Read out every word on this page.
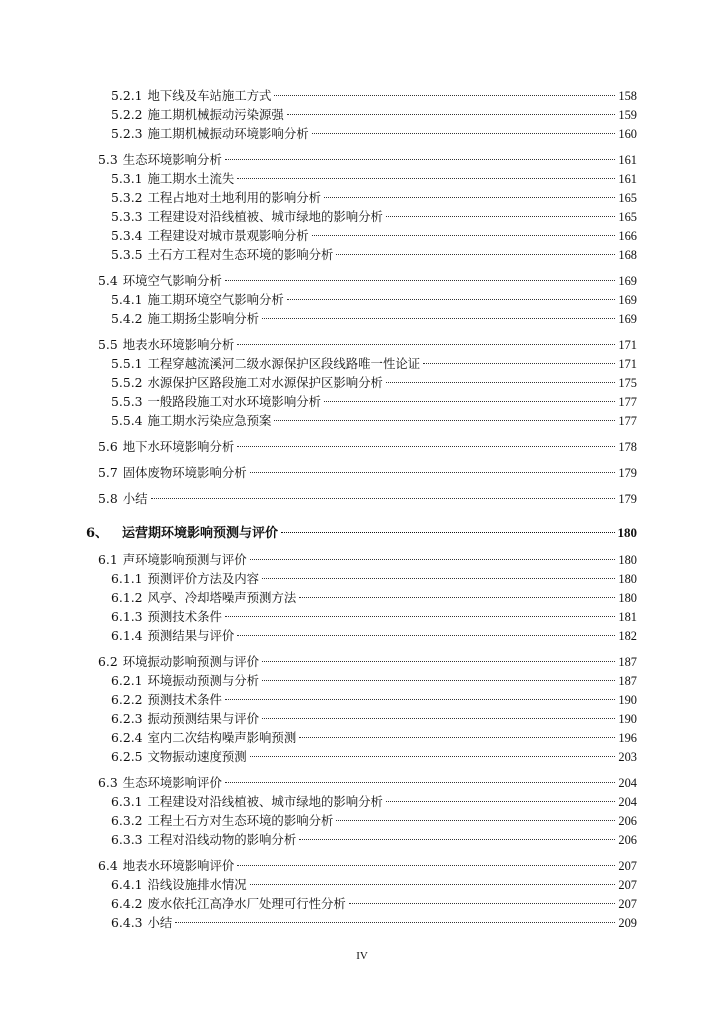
5.2.1 地下线及车站施工方式	158
5.2.2 施工期机械振动污染源强	159
5.2.3 施工期机械振动环境影响分析	160
5.3 生态环境影响分析	161
5.3.1 施工期水土流失	161
5.3.2 工程占地对土地利用的影响分析	165
5.3.3 工程建设对沿线植被、城市绿地的影响分析	165
5.3.4 工程建设对城市景观影响分析	166
5.3.5 土石方工程对生态环境的影响分析	168
5.4 环境空气影响分析	169
5.4.1 施工期环境空气影响分析	169
5.4.2 施工期扬尘影响分析	169
5.5 地表水环境影响分析	171
5.5.1 工程穿越流溪河二级水源保护区段线路唯一性论证	171
5.5.2 水源保护区路段施工对水源保护区影响分析	175
5.5.3 一般路段施工对水环境影响分析	177
5.5.4 施工期水污染应急预案	177
5.6 地下水环境影响分析	178
5.7 固体废物环境影响分析	179
5.8 小结	179
6、 运营期环境影响预测与评价	180
6.1 声环境影响预测与评价	180
6.1.1 预测评价方法及内容	180
6.1.2 风亭、冷却塔噪声预测方法	180
6.1.3 预测技术条件	181
6.1.4 预测结果与评价	182
6.2 环境振动影响预测与评价	187
6.2.1 环境振动预测与分析	187
6.2.2 预测技术条件	190
6.2.3 振动预测结果与评价	190
6.2.4 室内二次结构噪声影响预测	196
6.2.5 文物振动速度预测	203
6.3 生态环境影响评价	204
6.3.1 工程建设对沿线植被、城市绿地的影响分析	204
6.3.2 工程土石方对生态环境的影响分析	206
6.3.3 工程对沿线动物的影响分析	206
6.4 地表水环境影响评价	207
6.4.1 沿线设施排水情况	207
6.4.2 废水依托江高净水厂处理可行性分析	207
6.4.3 小结	209
IV
